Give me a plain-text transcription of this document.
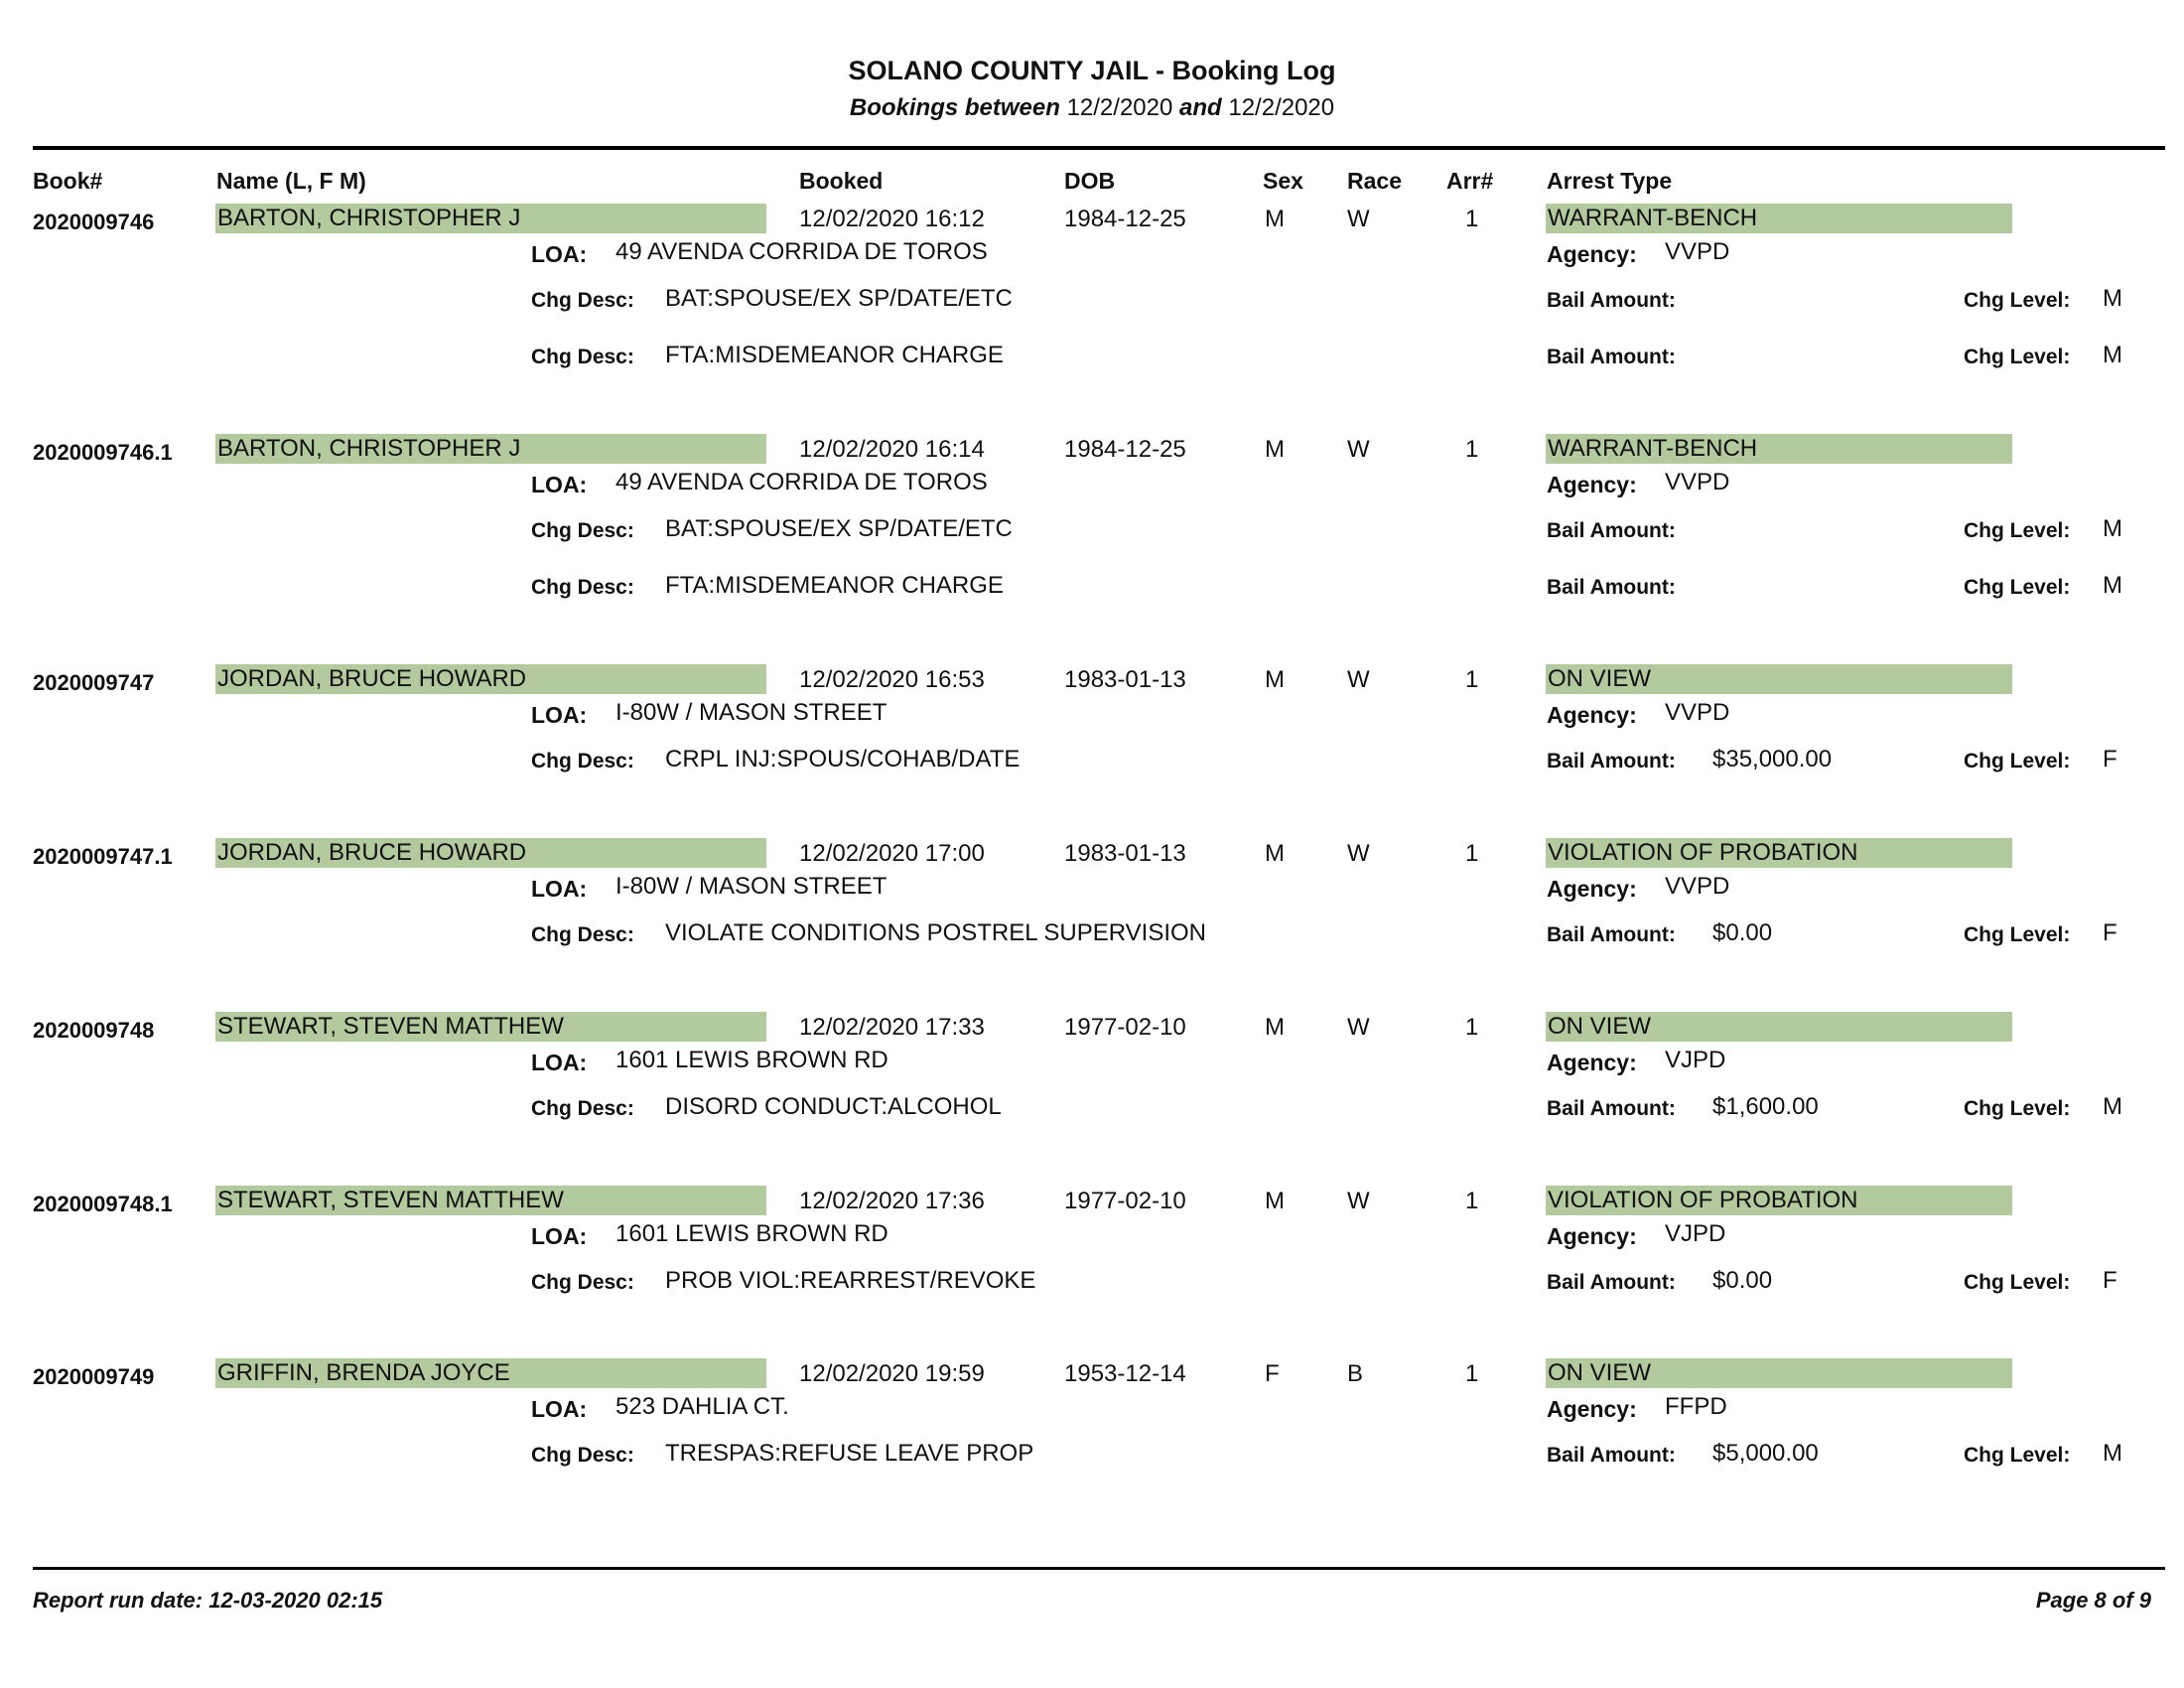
SOLANO COUNTY JAIL - Booking Log
Bookings between 12/2/2020 and 12/2/2020
Book#	Name (L, F M)	Booked	DOB	Sex Race Arr# Arrest Type
2020009746	BARTON, CHRISTOPHER J	12/02/2020 16:12	1984-12-25	M	W	1	WARRANT-BENCH
LOA: 49 AVENDA CORRIDA DE TOROS	Agency: VVPD
Chg Desc: BAT:SPOUSE/EX SP/DATE/ETC	Bail Amount:	Chg Level: M
Chg Desc: FTA:MISDEMEANOR CHARGE	Bail Amount:	Chg Level: M
2020009746.1 BARTON, CHRISTOPHER J	12/02/2020 16:14	1984-12-25	M	W	1	WARRANT-BENCH
LOA: 49 AVENDA CORRIDA DE TOROS	Agency: VVPD
Chg Desc: BAT:SPOUSE/EX SP/DATE/ETC	Bail Amount:	Chg Level: M
Chg Desc: FTA:MISDEMEANOR CHARGE	Bail Amount:	Chg Level: M
2020009747	JORDAN, BRUCE HOWARD	12/02/2020 16:53	1983-01-13	M	W	1	ON VIEW
LOA: I-80W / MASON STREET	Agency: VVPD
Chg Desc: CRPL INJ:SPOUS/COHAB/DATE	Bail Amount: $35,000.00	Chg Level: F
2020009747.1 JORDAN, BRUCE HOWARD	12/02/2020 17:00	1983-01-13	M	W	1	VIOLATION OF PROBATION
LOA: I-80W / MASON STREET	Agency: VVPD
Chg Desc: VIOLATE CONDITIONS POSTREL SUPERVISION	Bail Amount: $0.00	Chg Level: F
2020009748	STEWART, STEVEN MATTHEW	12/02/2020 17:33	1977-02-10	M	W	1	ON VIEW
LOA: 1601 LEWIS BROWN RD	Agency: VJPD
Chg Desc: DISORD CONDUCT:ALCOHOL	Bail Amount: $1,600.00	Chg Level: M
2020009748.1 STEWART, STEVEN MATTHEW	12/02/2020 17:36	1977-02-10	M	W	1	VIOLATION OF PROBATION
LOA: 1601 LEWIS BROWN RD	Agency: VJPD
Chg Desc: PROB VIOL:REARREST/REVOKE	Bail Amount: $0.00	Chg Level: F
2020009749	GRIFFIN, BRENDA JOYCE	12/02/2020 19:59	1953-12-14	F	B	1	ON VIEW
LOA: 523 DAHLIA CT.	Agency: FFPD
Chg Desc: TRESPAS:REFUSE LEAVE PROP	Bail Amount: $5,000.00	Chg Level: M
Report run date: 12-03-2020 02:15	Page 8 of 9
